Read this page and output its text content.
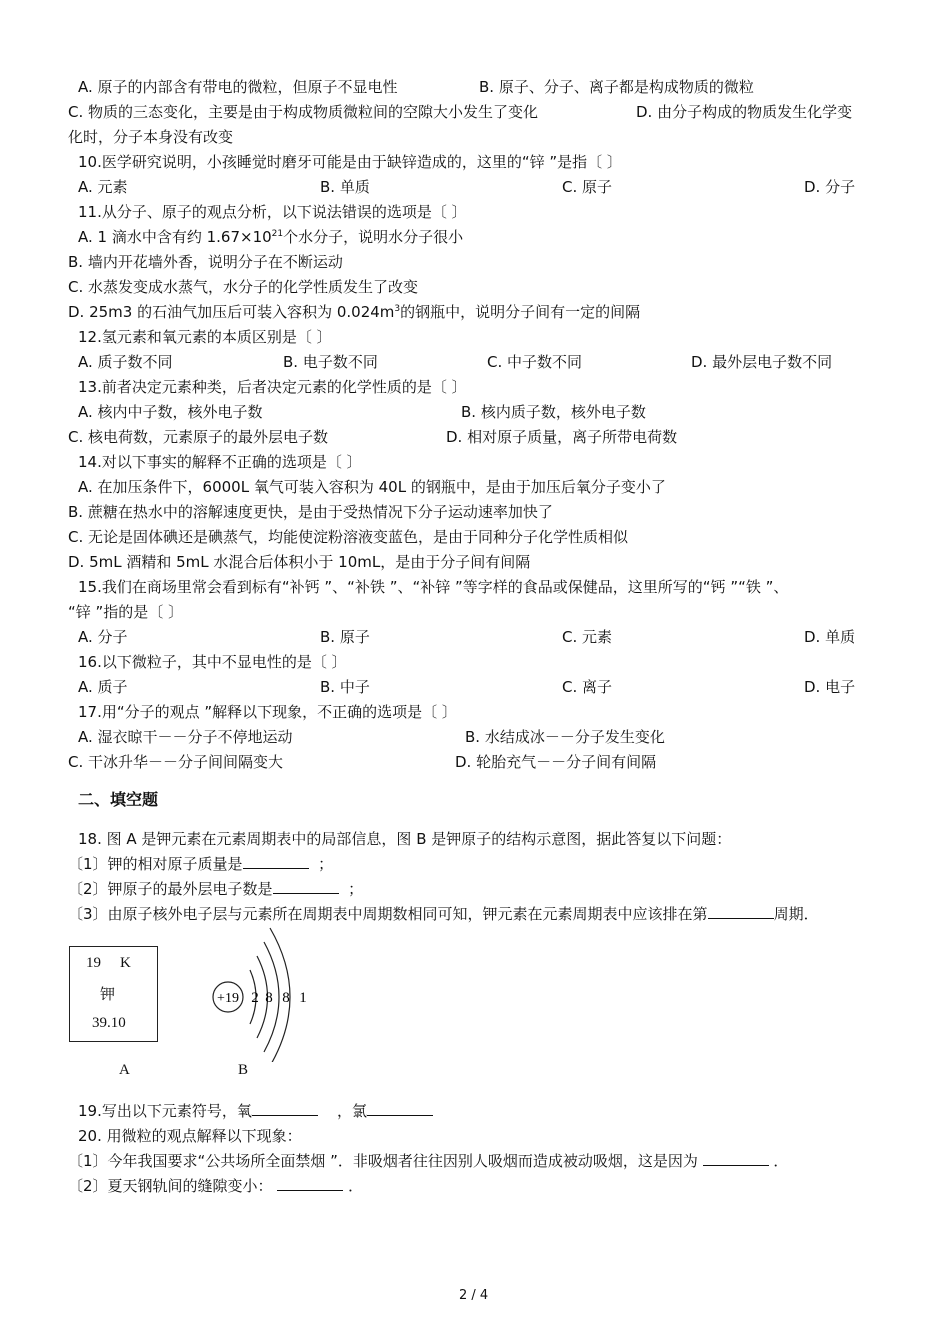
A. 原子的内部含有带电的微粒，但原子不显电性	B. 原子、分子、离子都是构成物质的微粒
C. 物质的三态变化，主要是由于构成物质微粒间的空隙大小发生了变化	D. 由分子构成的物质发生化学变
化时，分子本身没有改变
10.医学研究说明，小孩睡觉时磨牙可能是由于缺锌造成的，这里的“锌 ”是指〔 〕
A. 元素	B. 单质	C. 原子	D. 分子
11.从分子、原子的观点分析，以下说法错误的选项是〔 〕
A. 1 滴水中含有约 $1.67\times 10^{21}$个水分子，说明水分子很小
B. 墙内开花墙外香，说明分子在不断运动
C. 水蒸发变成水蒸气，水分子的化学性质发生了改变
D. 25m3 的石油气加压后可装入容积为 $0.024m^3$的钢瓶中，说明分子间有一定的间隔
12.氢元素和氧元素的本质区别是〔 〕
A. 质子数不同	B. 电子数不同	C. 中子数不同	D. 最外层电子数不同
13.前者决定元素种类，后者决定元素的化学性质的是〔 〕
A. 核内中子数，核外电子数	B. 核内质子数，核外电子数
C. 核电荷数，元素原子的最外层电子数	D. 相对原子质量，离子所带电荷数
14.对以下事实的解释不正确的选项是〔 〕
A. 在加压条件下，6000L 氧气可装入容积为 40L 的钢瓶中，是由于加压后氧分子变小了
B. 蔗糖在热水中的溶解速度更快，是由于受热情况下分子运动速率加快了
C. 无论是固体碘还是碘蒸气，均能使淀粉溶液变蓝色，是由于同种分子化学性质相似
D. 5mL 酒精和 5mL 水混合后体积小于 10mL，是由于分子间有间隔
15.我们在商场里常会看到标有“补钙 ”、“补铁 ”、“补锌 ”等字样的食品或保健品，这里所写的“钙 ”“铁 ”、
“锌 ”指的是〔 〕
A. 分子	B. 原子	C. 元素	D. 单质
16.以下微粒子，其中不显电性的是〔 〕
A. 质子	B. 中子	C. 离子	D. 电子
17.用“分子的观点 ”解释以下现象，不正确的选项是〔 〕
A. 湿衣晾干－－分子不停地运动	B. 水结成冰－－分子发生变化
C. 干冰升华－－分子间间隔变大	D. 轮胎充气－－分子间有间隔
二、填空题
18. 图 A 是钾元素在元素周期表中的局部信息，图 B 是钾原子的结构示意图，据此答复以下问题：
〔1〕钾的相对原子质量是	；
〔2〕钾原子的最外层电子数是	；
〔3〕由原子核外电子层与元素所在周期表中周期数相同可知，钾元素在元素周期表中应该排在第	周期．
19 K
钾
39.10
A
+19 2 8 8 1
B
19.写出以下元素符号，氧	，氯
20. 用微粒的观点解释以下现象：
〔1〕今年我国要求“公共场所全面禁烟 ”．非吸烟者往往因别人吸烟而造成被动吸烟，这是因为	．
〔2〕夏天钢轨间的缝隙变小：	．
2 / 4
